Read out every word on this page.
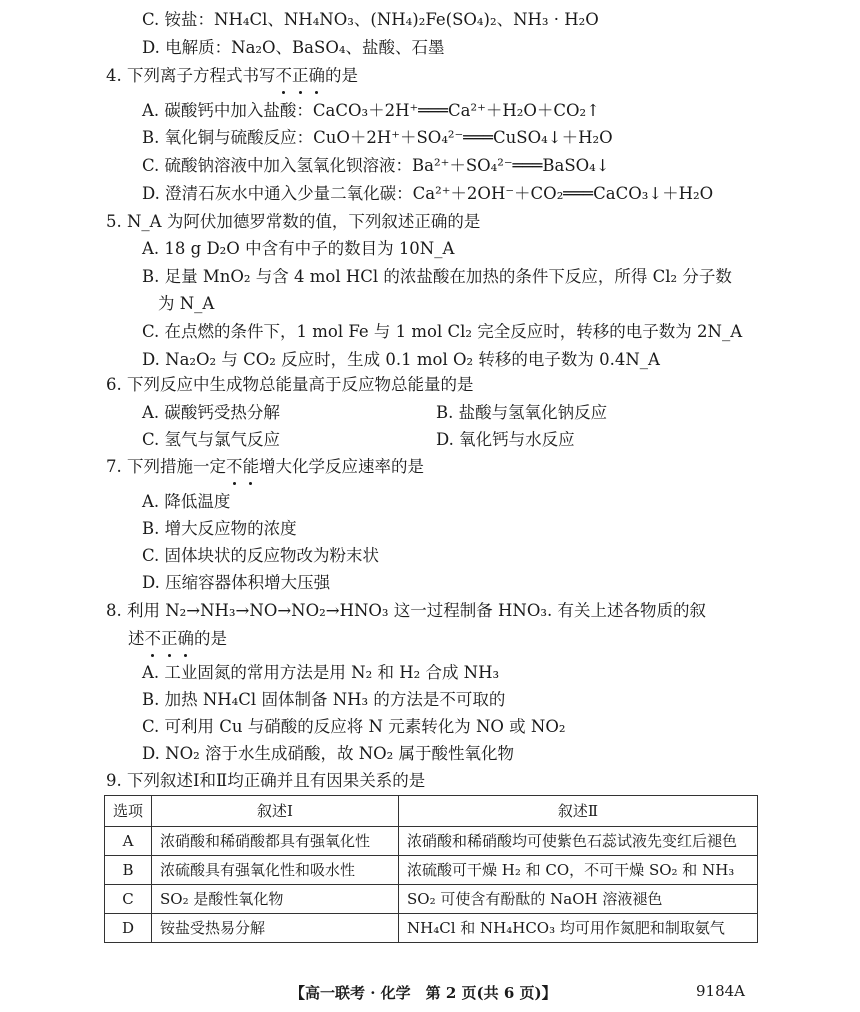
C. 铵盐：NH₄Cl、NH₄NO₃、(NH₄)₂Fe(SO₄)₂、NH₃ · H₂O
D. 电解质：Na₂O、BaSO₄、盐酸、石墨
4. 下列离子方程式书写不正确的是
A. 碳酸钙中加入盐酸：CaCO₃＋2H⁺═══Ca²⁺＋H₂O＋CO₂↑
B. 氧化铜与硫酸反应：CuO＋2H⁺＋SO₄²⁻═══CuSO₄↓＋H₂O
C. 硫酸钠溶液中加入氢氧化钡溶液：Ba²⁺＋SO₄²⁻═══BaSO₄↓
D. 澄清石灰水中通入少量二氧化碳：Ca²⁺＋2OH⁻＋CO₂═══CaCO₃↓＋H₂O
5. N_A 为阿伏加德罗常数的值，下列叙述正确的是
A. 18 g D₂O 中含有中子的数目为 10N_A
B. 足量 MnO₂ 与含 4 mol HCl 的浓盐酸在加热的条件下反应，所得 Cl₂ 分子数
为 N_A
C. 在点燃的条件下，1 mol Fe 与 1 mol Cl₂ 完全反应时，转移的电子数为 2N_A
D. Na₂O₂ 与 CO₂ 反应时，生成 0.1 mol O₂ 转移的电子数为 0.4N_A
6. 下列反应中生成物总能量高于反应物总能量的是
A. 碳酸钙受热分解	B. 盐酸与氢氧化钠反应
C. 氢气与氯气反应	D. 氧化钙与水反应
7. 下列措施一定不能增大化学反应速率的是
A. 降低温度
B. 增大反应物的浓度
C. 固体块状的反应物改为粉末状
D. 压缩容器体积增大压强
8. 利用 N₂→NH₃→NO→NO₂→HNO₃ 这一过程制备 HNO₃. 有关上述各物质的叙
述不正确的是
A. 工业固氮的常用方法是用 N₂ 和 H₂ 合成 NH₃
B. 加热 NH₄Cl 固体制备 NH₃ 的方法是不可取的
C. 可利用 Cu 与硝酸的反应将 N 元素转化为 NO 或 NO₂
D. NO₂ 溶于水生成硝酸，故 NO₂ 属于酸性氧化物
9. 下列叙述Ⅰ和Ⅱ均正确并且有因果关系的是
选项	叙述Ⅰ	叙述Ⅱ
A	浓硝酸和稀硝酸都具有强氧化性	浓硝酸和稀硝酸均可使紫色石蕊试液先变红后褪色
B	浓硫酸具有强氧化性和吸水性	浓硫酸可干燥 H₂ 和 CO，不可干燥 SO₂ 和 NH₃
C	SO₂ 是酸性氧化物	SO₂ 可使含有酚酞的 NaOH 溶液褪色
D	铵盐受热易分解	NH₄Cl 和 NH₄HCO₃ 均可用作氮肥和制取氨气
【高一联考 · 化学　第 2 页(共 6 页)】	9184A
